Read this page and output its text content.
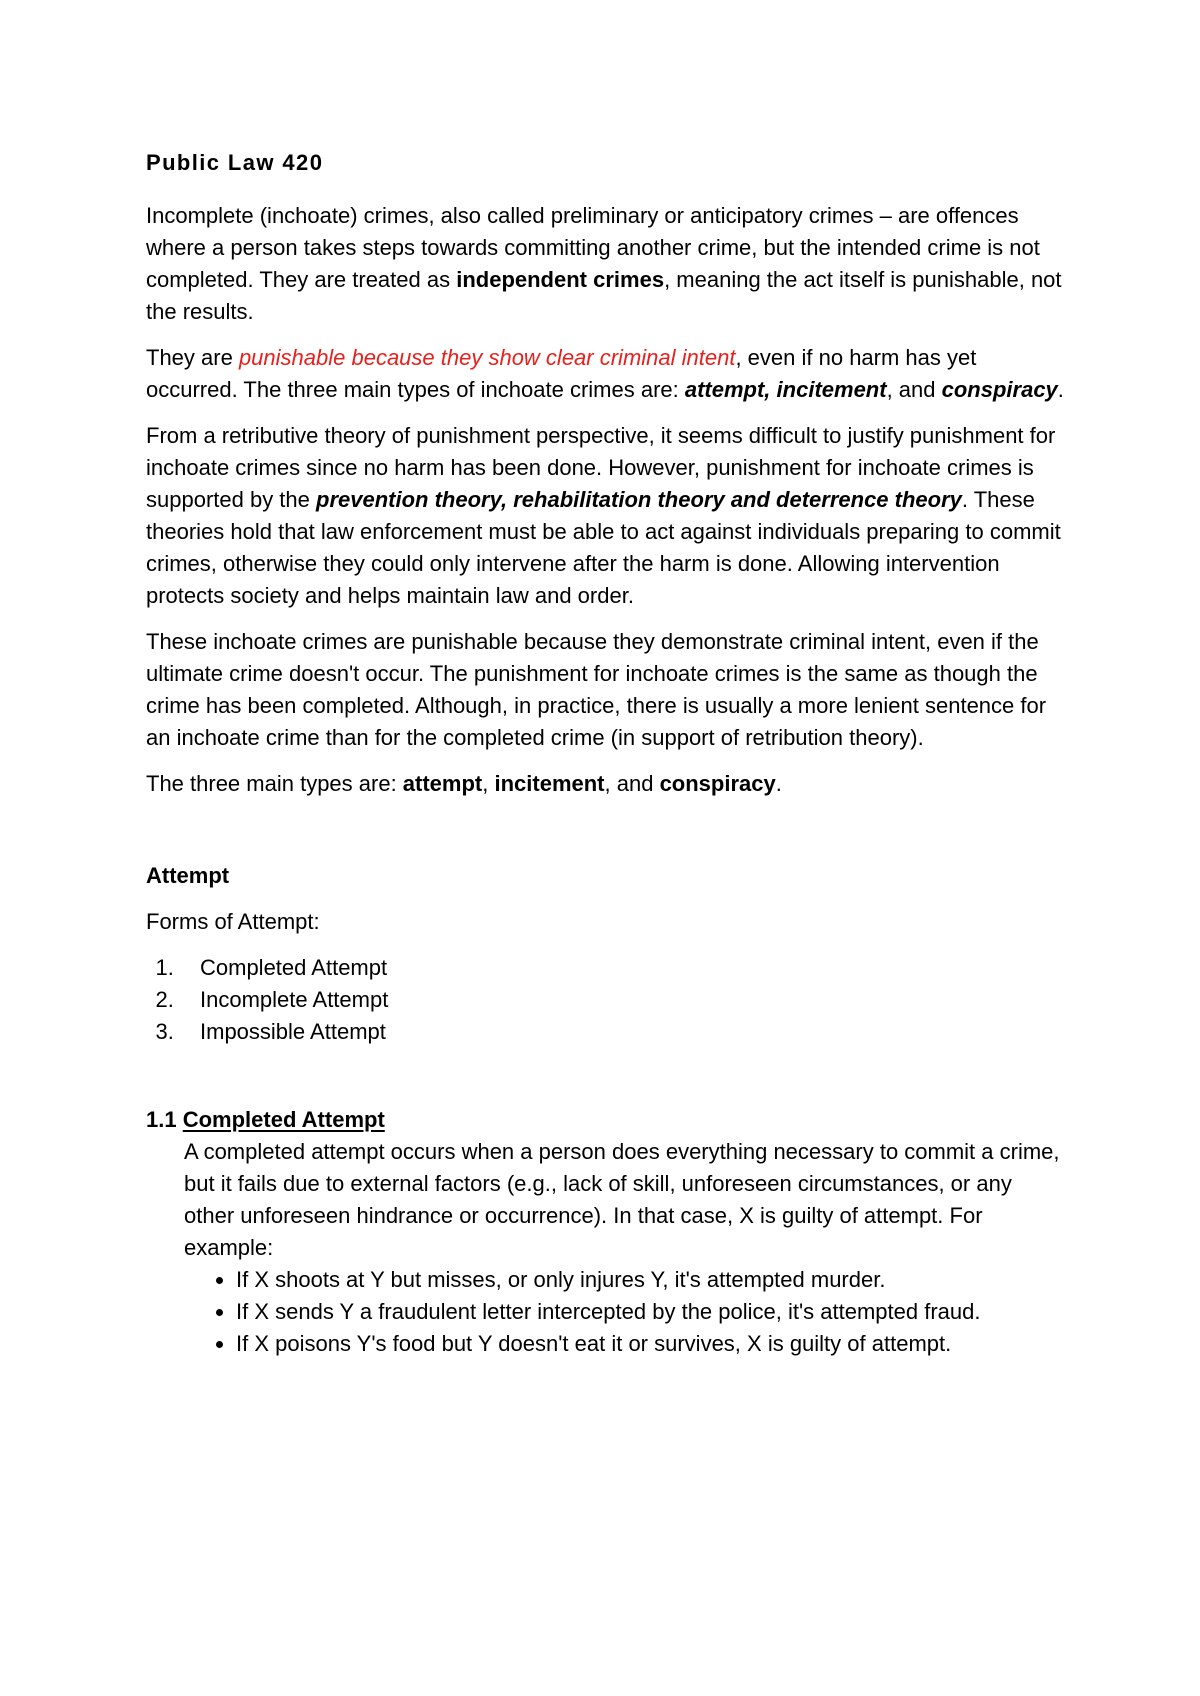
Public Law 420

Incomplete (inchoate) crimes, also called preliminary or anticipatory crimes – are offences where a person takes steps towards committing another crime, but the intended crime is not completed. They are treated as independent crimes, meaning the act itself is punishable, not the results.

They are punishable because they show clear criminal intent, even if no harm has yet occurred. The three main types of inchoate crimes are: attempt, incitement, and conspiracy.

From a retributive theory of punishment perspective, it seems difficult to justify punishment for inchoate crimes since no harm has been done. However, punishment for inchoate crimes is supported by the prevention theory, rehabilitation theory and deterrence theory. These theories hold that law enforcement must be able to act against individuals preparing to commit crimes, otherwise they could only intervene after the harm is done. Allowing intervention protects society and helps maintain law and order.

These inchoate crimes are punishable because they demonstrate criminal intent, even if the ultimate crime doesn't occur. The punishment for inchoate crimes is the same as though the crime has been completed. Although, in practice, there is usually a more lenient sentence for an inchoate crime than for the completed crime (in support of retribution theory).

The three main types are: attempt, incitement, and conspiracy.

Attempt

Forms of Attempt:

1. Completed Attempt
2. Incomplete Attempt
3. Impossible Attempt
1.1 Completed Attempt
A completed attempt occurs when a person does everything necessary to commit a crime, but it fails due to external factors (e.g., lack of skill, unforeseen circumstances, or any other unforeseen hindrance or occurrence). In that case, X is guilty of attempt. For example:
• If X shoots at Y but misses, or only injures Y, it's attempted murder.
• If X sends Y a fraudulent letter intercepted by the police, it's attempted fraud.
• If X poisons Y's food but Y doesn't eat it or survives, X is guilty of attempt.
